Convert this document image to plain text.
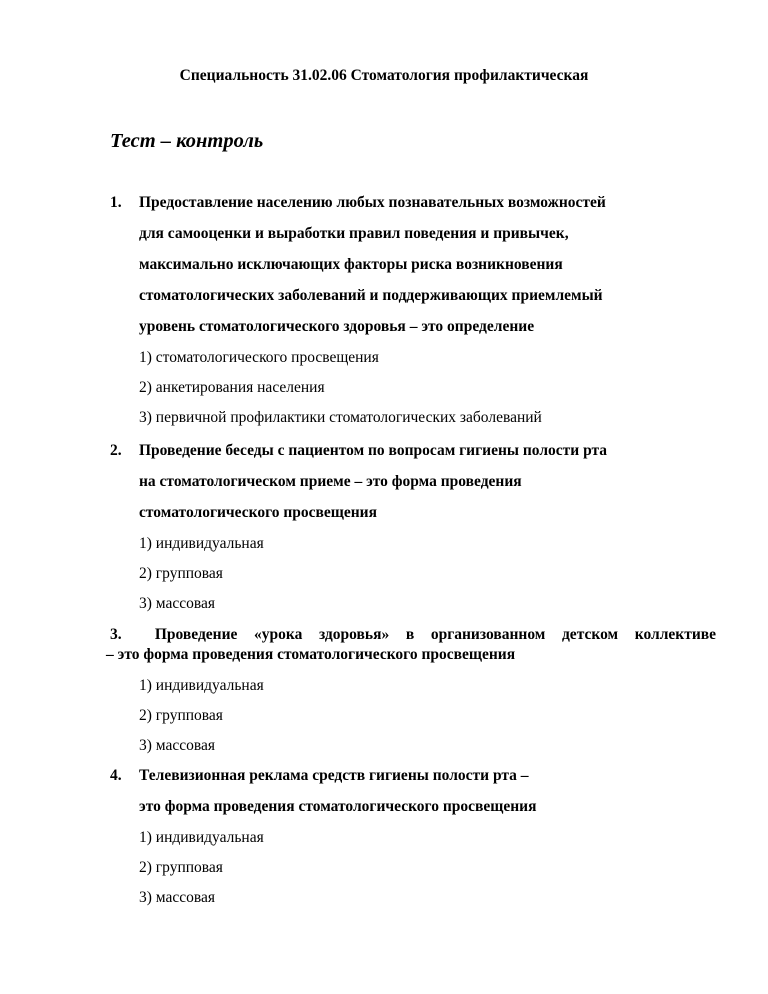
Специальность 31.02.06 Стоматология профилактическая
Тест – контроль
1. Предоставление населению любых познавательных возможностей
для самооценки и выработки правил поведения и привычек,
максимально исключающих факторы риска возникновения
стоматологических заболеваний и поддерживающих приемлемый
уровень стоматологического здоровья – это определение
1) стоматологического просвещения
2) анкетирования населения
3) первичной профилактики стоматологических заболеваний
2. Проведение беседы с пациентом по вопросам гигиены полости рта
на стоматологическом приеме – это форма проведения
стоматологического просвещения
1) индивидуальная
2) групповая
3) массовая
3. Проведение «урока здоровья» в организованном детском коллективе
– это форма проведения стоматологического просвещения
1) индивидуальная
2) групповая
3) массовая
4. Телевизионная реклама средств гигиены полости рта –
это форма проведения стоматологического просвещения
1) индивидуальная
2) групповая
3) массовая
